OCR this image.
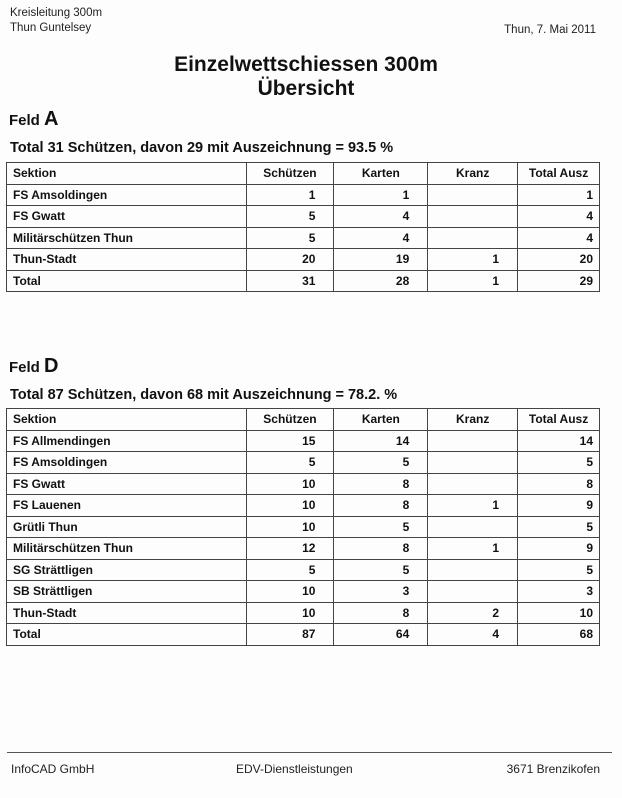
Kreisleitung 300m
Thun Guntelsey	Thun, 7. Mai 2011
Einzelwettschiessen 300m
Übersicht
Feld A
Total 31 Schützen, davon 29 mit Auszeichnung = 93.5 %
Sektion	Schützen	Karten	Kranz	Total Ausz
FS Amsoldingen	1	1		1
FS Gwatt	5	4		4
Militärschützen Thun	5	4		4
Thun-Stadt	20	19	1	20
Total	31	28	1	29
Feld D
Total 87 Schützen, davon 68 mit Auszeichnung = 78.2. %
Sektion	Schützen	Karten	Kranz	Total Ausz
FS Allmendingen	15	14		14
FS Amsoldingen	5	5		5
FS Gwatt	10	8		8
FS Lauenen	10	8	1	9
Grütli Thun	10	5		5
Militärschützen Thun	12	8	1	9
SG Strättligen	5	5		5
SB Strättligen	10	3		3
Thun-Stadt	10	8	2	10
Total	87	64	4	68
InfoCAD GmbH	EDV-Dienstleistungen	3671 Brenzikofen
